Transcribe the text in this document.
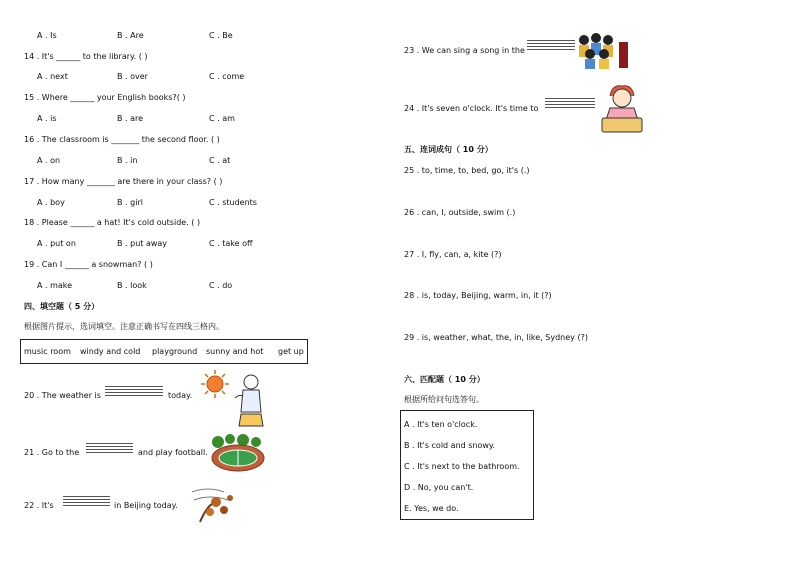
A . Is	B . Are	C . Be
14 . It's ______ to the library. ( )
A . next	B . over	C . come
15 . Where ______ your English books?( )
A . is	B . are	C . am
16 . The classroom is _______ the second floor. ( )
A . on	B . in	C . at
17 . How many _______ are there in your class? ( )
A . boy	B . girl	C . students
18 . Please ______ a hat! It's cold outside. ( )
A . put on	B . put away	C . take off
19 . Can I ______ a snowman? ( )
A . make	B . look	C . do
四、填空题（ 5 分）
根据图片提示，选词填空。注意正确书写在四线三格内。
music room windy and cold playground sunny and hot get up
20 . The weather is	today.
21 . Go to the	and play football.
22 . It's	in Beijing today.
23 . We can sing a song in the
24 . It's seven o'clock. It's time to
五、连词成句（ 10 分）
25 . to, time, to, bed, go, it's (.)
26 . can, I, outside, swim (.)
27 . I, fly, can, a, kite (?)
28 . is, today, Beijing, warm, in, it (?)
29 . is, weather, what, the, in, like, Sydney (?)
六、匹配题（ 10 分）
根据所给问句选答句。
A . It's ten o'clock.
B . It's cold and snowy.
C . It's next to the bathroom.
D . No, you can't.
E. Yes, we do.
